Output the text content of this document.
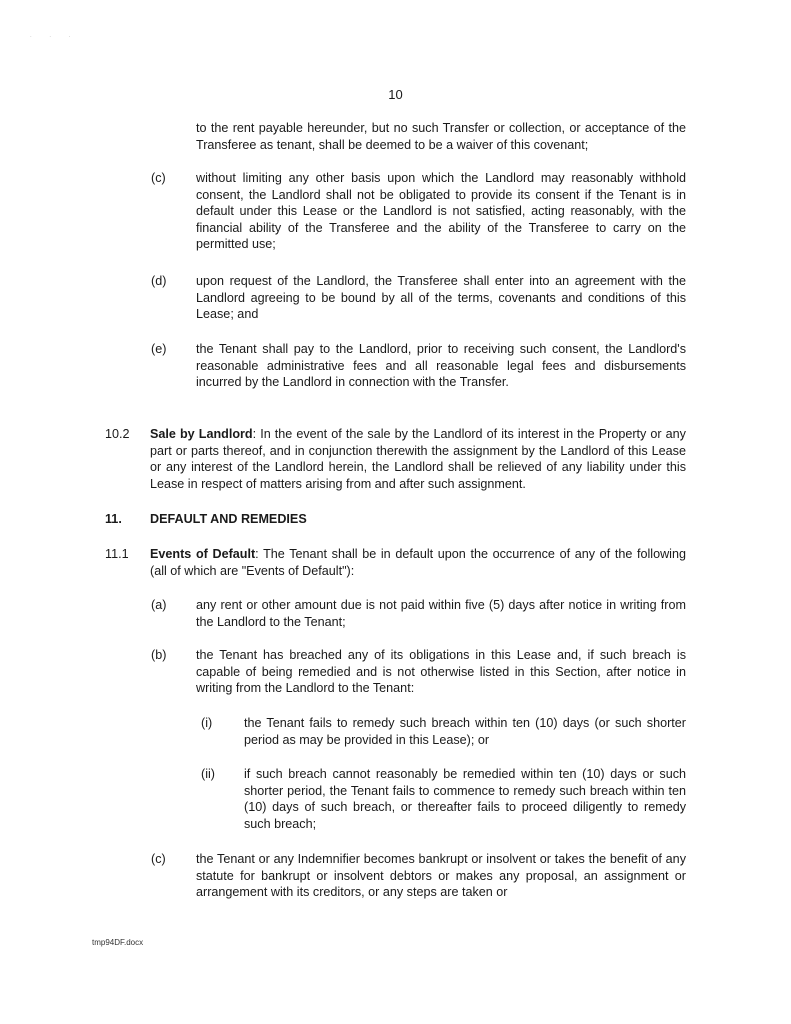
. . .
10
to the rent payable hereunder, but no such Transfer or collection, or acceptance of the Transferee as tenant, shall be deemed to be a waiver of this covenant;
(c) without limiting any other basis upon which the Landlord may reasonably withhold consent, the Landlord shall not be obligated to provide its consent if the Tenant is in default under this Lease or the Landlord is not satisfied, acting reasonably, with the financial ability of the Transferee and the ability of the Transferee to carry on the permitted use;
(d) upon request of the Landlord, the Transferee shall enter into an agreement with the Landlord agreeing to be bound by all of the terms, covenants and conditions of this Lease; and
(e) the Tenant shall pay to the Landlord, prior to receiving such consent, the Landlord's reasonable administrative fees and all reasonable legal fees and disbursements incurred by the Landlord in connection with the Transfer.
10.2 Sale by Landlord: In the event of the sale by the Landlord of its interest in the Property or any part or parts thereof, and in conjunction therewith the assignment by the Landlord of this Lease or any interest of the Landlord herein, the Landlord shall be relieved of any liability under this Lease in respect of matters arising from and after such assignment.
11. DEFAULT AND REMEDIES
11.1 Events of Default: The Tenant shall be in default upon the occurrence of any of the following (all of which are "Events of Default"):
(a) any rent or other amount due is not paid within five (5) days after notice in writing from the Landlord to the Tenant;
(b) the Tenant has breached any of its obligations in this Lease and, if such breach is capable of being remedied and is not otherwise listed in this Section, after notice in writing from the Landlord to the Tenant:
(i)	the Tenant fails to remedy such breach within ten (10) days (or such shorter period as may be provided in this Lease); or
(ii) if such breach cannot reasonably be remedied within ten (10) days or such shorter period, the Tenant fails to commence to remedy such breach within ten (10) days of such breach, or thereafter fails to proceed diligently to remedy such breach;
(c) the Tenant or any Indemnifier becomes bankrupt or insolvent or takes the benefit of any statute for bankrupt or insolvent debtors or makes any proposal, an assignment or arrangement with its creditors, or any steps are taken or
tmp94DF.docx
